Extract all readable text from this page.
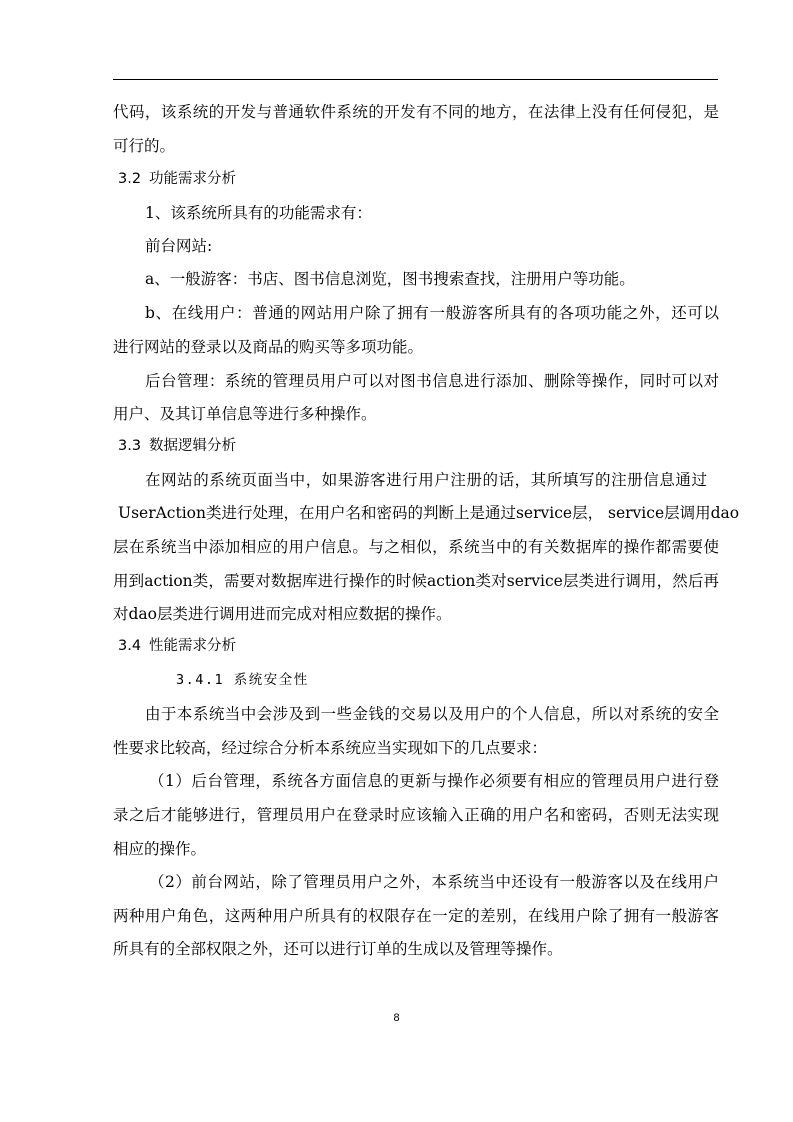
代码，该系统的开发与普通软件系统的开发有不同的地方，在法律上没有任何侵犯，是

可行的。

3.2 功能需求分析

1、该系统所具有的功能需求有：

前台网站:

a、一般游客：书店、图书信息浏览，图书搜索查找，注册用户等功能。

b、在线用户：普通的网站用户除了拥有一般游客所具有的各项功能之外，还可以

进行网站的登录以及商品的购买等多项功能。

后台管理：系统的管理员用户可以对图书信息进行添加、删除等操作，同时可以对

用户、及其订单信息等进行多种操作。

3.3 数据逻辑分析

在网站的系统页面当中，如果游客进行用户注册的话，其所填写的注册信息通过

UserAction类进行处理，在用户名和密码的判断上是通过service层， service层调用dao

层在系统当中添加相应的用户信息。与之相似，系统当中的有关数据库的操作都需要使

用到action类，需要对数据库进行操作的时候action类对service层类进行调用，然后再

对dao层类进行调用进而完成对相应数据的操作。

3.4 性能需求分析

3.4.1 系统安全性

由于本系统当中会涉及到一些金钱的交易以及用户的个人信息，所以对系统的安全

性要求比较高，经过综合分析本系统应当实现如下的几点要求：

（1）后台管理，系统各方面信息的更新与操作必须要有相应的管理员用户进行登

录之后才能够进行，管理员用户在登录时应该输入正确的用户名和密码，否则无法实现

相应的操作。

（2）前台网站，除了管理员用户之外，本系统当中还设有一般游客以及在线用户

两种用户角色，这两种用户所具有的权限存在一定的差别，在线用户除了拥有一般游客

所具有的全部权限之外，还可以进行订单的生成以及管理等操作。

8
